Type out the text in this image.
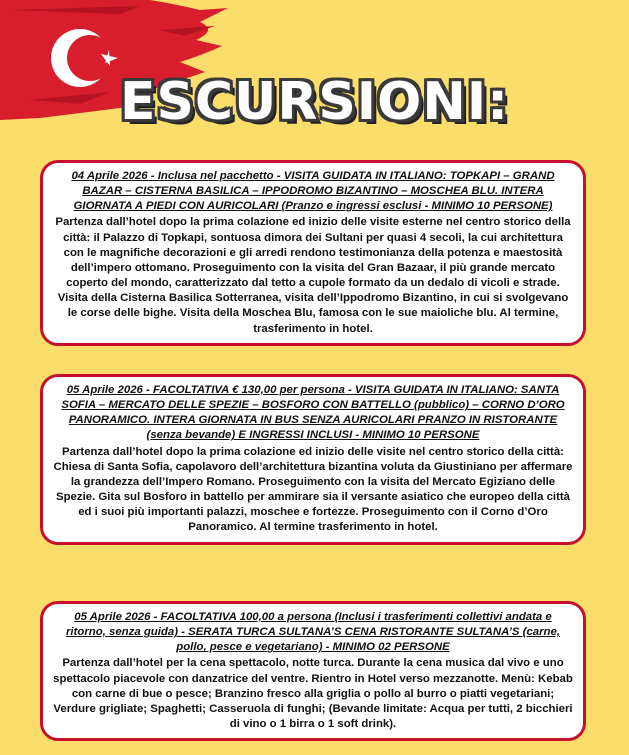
ESCURSIONI:
04 Aprile 2026 - Inclusa nel pacchetto - VISITA GUIDATA IN ITALIANO: TOPKAPI – GRAND BAZAR – CISTERNA BASILICA – IPPODROMO BIZANTINO – MOSCHEA BLU. INTERA GIORNATA A PIEDI CON AURICOLARI (Pranzo e ingressi esclusi - MINIMO 10 PERSONE)
Partenza dall’hotel dopo la prima colazione ed inizio delle visite esterne nel centro storico della città: il Palazzo di Topkapi, sontuosa dimora dei Sultani per quasi 4 secoli, la cui architettura con le magnifiche decorazioni e gli arredi rendono testimonianza della potenza e maestosità dell’impero ottomano. Proseguimento con la visita del Gran Bazaar, il più grande mercato coperto del mondo, caratterizzato dal tetto a cupole formato da un dedalo di vicoli e strade. Visita della Cisterna Basilica Sotterranea, visita dell’Ippodromo Bizantino, in cui si svolgevano le corse delle bighe. Visita della Moschea Blu, famosa con le sue maioliche blu. Al termine, trasferimento in hotel.
05 Aprile 2026 - FACOLTATIVA € 130,00 per persona - VISITA GUIDATA IN ITALIANO: SANTA SOFIA – MERCATO DELLE SPEZIE – BOSFORO CON BATTELLO (pubblico) – CORNO D’ORO PANORAMICO. INTERA GIORNATA IN BUS SENZA AURICOLARI PRANZO IN RISTORANTE (senza bevande) E INGRESSI INCLUSI - MINIMO 10 PERSONE
Partenza dall’hotel dopo la prima colazione ed inizio delle visite nel centro storico della città: Chiesa di Santa Sofia, capolavoro dell’architettura bizantina voluta da Giustiniano per affermare la grandezza dell’Impero Romano. Proseguimento con la visita del Mercato Egiziano delle Spezie. Gita sul Bosforo in battello per ammirare sia il versante asiatico che europeo della città ed i suoi più importanti palazzi, moschee e fortezze. Proseguimento con il Corno d’Oro Panoramico. Al termine trasferimento in hotel.
05 Aprile 2026 - FACOLTATIVA 100,00 a persona (Inclusi i trasferimenti collettivi andata e ritorno, senza guida) - SERATA TURCA SULTANA’S CENA RISTORANTE SULTANA’S (carne, pollo, pesce e vegetariano) - MINIMO 02 PERSONE
Partenza dall’hotel per la cena spettacolo, notte turca. Durante la cena musica dal vivo e uno spettacolo piacevole con danzatrice del ventre. Rientro in Hotel verso mezzanotte. Menù: Kebab con carne di bue o pesce; Branzino fresco alla griglia o pollo al burro o piatti vegetariani; Verdure grigliate; Spaghetti; Casseruola di funghi; (Bevande limitate: Acqua per tutti, 2 bicchieri di vino o 1 birra o 1 soft drink).
